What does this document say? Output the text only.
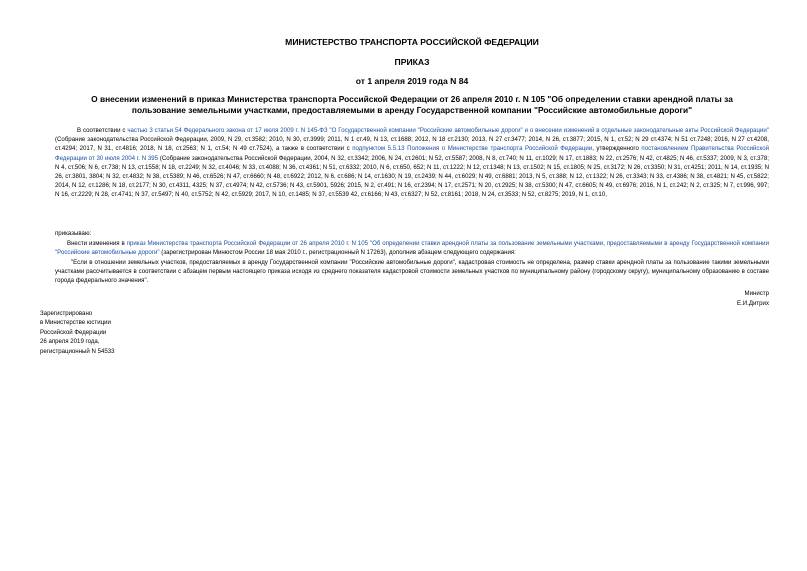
МИНИСТЕРСТВО ТРАНСПОРТА РОССИЙСКОЙ ФЕДЕРАЦИИ
ПРИКАЗ
от 1 апреля 2019 года N 84
О внесении изменений в приказ Министерства транспорта Российской Федерации от 26 апреля 2010 г. N 105 "Об определении ставки арендной платы за пользование земельными участками, предоставляемыми в аренду Государственной компании "Российские автомобильные дороги"
В соответствии с частью 3 статьи 54 Федерального закона от 17 июля 2009 г. N 145-ФЗ "О Государственной компании "Российские автомобильные дороги" и о внесении изменений в отдельные законодательные акты Российской Федерации" (Собрание законодательства Российской Федерации, 2009, N 29, ст.3582; 2010, N 30, ст.3999; 2011, N 1 ст.49, N 13, ст.1688; 2012, N 18 ст.2130; 2013, N 27 ст.3477; 2014, N 26, ст.3877; 2015, N 1, ст.52; N 29 ст.4374; N 51 ст.7248; 2016, N 27 ст.4208, ст.4294; 2017, N 31, ст.4816; 2018, N 18, ст.2563; N 1, ст.54; N 49 ст.7524), а также в соответствии с подпунктом 5.5.13 Положения о Министерстве транспорта Российской Федерации, утвержденного постановлением Правительства Российской Федерации от 30 июля 2004 г. N 395 (Собрание законодательства Российской Федерации, 2004, N 32, ст.3342; 2006, N 24, ст.2601; N 52, ст.5587; 2008, N 8, ст.740; N 11, ст.1029; N 17, ст.1883; N 22, ст.2576; N 42, ст.4825; N 46, ст.5337; 2009, N 3, ст.378; N 4, ст.506; N 6, ст.738; N 13, ст.1558; N 18, ст.2249; N 32, ст.4046; N 33, ст.4088; N 36, ст.4361; N 51, ст.6332; 2010, N 6, ст.650, 652; N 11, ст.1222; N 12, ст.1348; N 13, ст.1502; N 15, ст.1805; N 25, ст.3172; N 26, ст.3350; N 31, ст.4251; 2011, N 14, ст.1935; N 26, ст.3801, 3804; N 32, ст.4832; N 38, ст.5389; N 46, ст.6526; N 47, ст.6660; N 48, ст.6922; 2012, N 6, ст.686; N 14, ст.1630; N 19, ст.2439; N 44, ст.6029; N 49, ст.6881; 2013, N 5, ст.388; N 12, ст.1322; N 26, ст.3343; N 33, ст.4386; N 38, ст.4821; N 45, ст.5822; 2014, N 12, ст.1286; N 18, ст.2177; N 30, ст.4311, 4325; N 37, ст.4974; N 42, ст.5736; N 43, ст.5901, 5926; 2015, N 2, ст.491; N 16, ст.2394; N 17, ст.2571; N 20, ст.2925; N 38, ст.5300; N 47, ст.6605; N 49, ст.6976; 2016, N 1, ст.242; N 2, ст.325; N 7, ст.996, 997; N 16, ст.2229; N 28, ст.4741; N 37, ст.5497; N 40, ст.5752; N 42, ст.5929; 2017, N 10, ст.1485; N 37, ст.5539 42, ст.6166; N 43, ст.6327; N 52, ст.8161; 2018, N 24, ст.3533; N 52, ст.8275; 2019, N 1, ст.10,
приказываю:
Внести изменения в приказ Министерства транспорта Российской Федерации от 26 апреля 2010 г. N 105 "Об определении ставки арендной платы за пользование земельными участками, предоставляемыми в аренду Государственной компании "Российские автомобильные дороги" (зарегистрирован Минюстом России 18 мая 2010 г., регистрационный N 17263), дополнив абзацем следующего содержания:
"Если в отношении земельных участков, предоставляемых в аренду Государственной компании "Российские автомобильные дороги", кадастровая стоимость не определена, размер ставки арендной платы за пользование такими земельными участками рассчитывается в соответствии с абзацем первым настоящего приказа исходя из среднего показателя кадастровой стоимости земельных участков по муниципальному району (городскому округу), муниципальному образованию в составе города федерального значения".
Министр
Е.И.Дитрих
Зарегистрировано
в Министерстве юстиции
Российской Федерации
26 апреля 2019 года,
регистрационный N 54533
